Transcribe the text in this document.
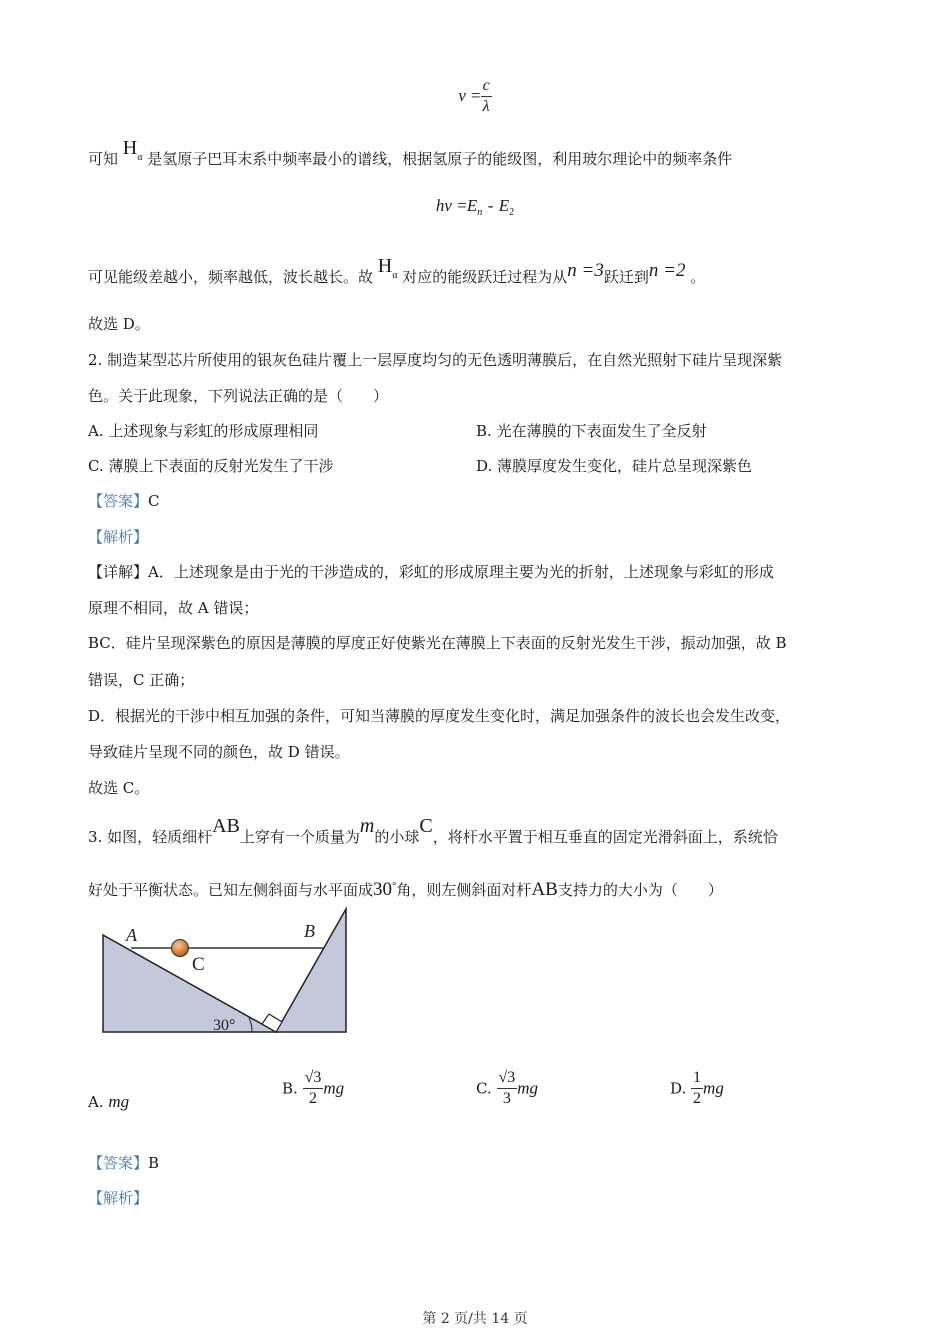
$\nu = \frac{c}{\lambda}$
可知 $H^\alpha$ 是氢原子巴耳末系中频率最小的谱线，根据氢原子的能级图，利用玻尔理论中的频率条件
$h\nu =E_n - E_2$
可见能级差越小，频率越低，波长越长。故 $H^\alpha$ 对应的能级跃迁过程为从n =3跃迁到n =2 。
故选 D。
2. 制造某型芯片所使用的银灰色硅片覆上一层厚度均匀的无色透明薄膜后，在自然光照射下硅片呈现深紫
色。关于此现象，下列说法正确的是（　　）
A. 上述现象与彩虹的形成原理相同	B. 光在薄膜的下表面发生了全反射
C. 薄膜上下表面的反射光发生了干涉	D. 薄膜厚度发生变化，硅片总呈现深紫色
【答案】C
【解析】
【详解】A．上述现象是由于光的干涉造成的，彩虹的形成原理主要为光的折射，上述现象与彩虹的形成
原理不相同，故 A 错误；
BC．硅片呈现深紫色的原因是薄膜的厚度正好使紫光在薄膜上下表面的反射光发生干涉，振动加强，故 B
错误，C 正确；
D．根据光的干涉中相互加强的条件，可知当薄膜的厚度发生变化时，满足加强条件的波长也会发生改变，
导致硅片呈现不同的颜色，故 D 错误。
故选 C。
3. 如图，轻质细杆AB上穿有一个质量为m的小球C，将杆水平置于相互垂直的固定光滑斜面上，系统恰
好处于平衡状态。已知左侧斜面与水平面成30°角，则左侧斜面对杆AB支持力的大小为（　　）
A	B
C
30°
A. mg
B. $\frac{√3}{2}$ mg	C. $\frac{√3}{3}$ mg	D. $\frac{1}{2}$ mg
【答案】B
【解析】
第 2 页/共 14 页
